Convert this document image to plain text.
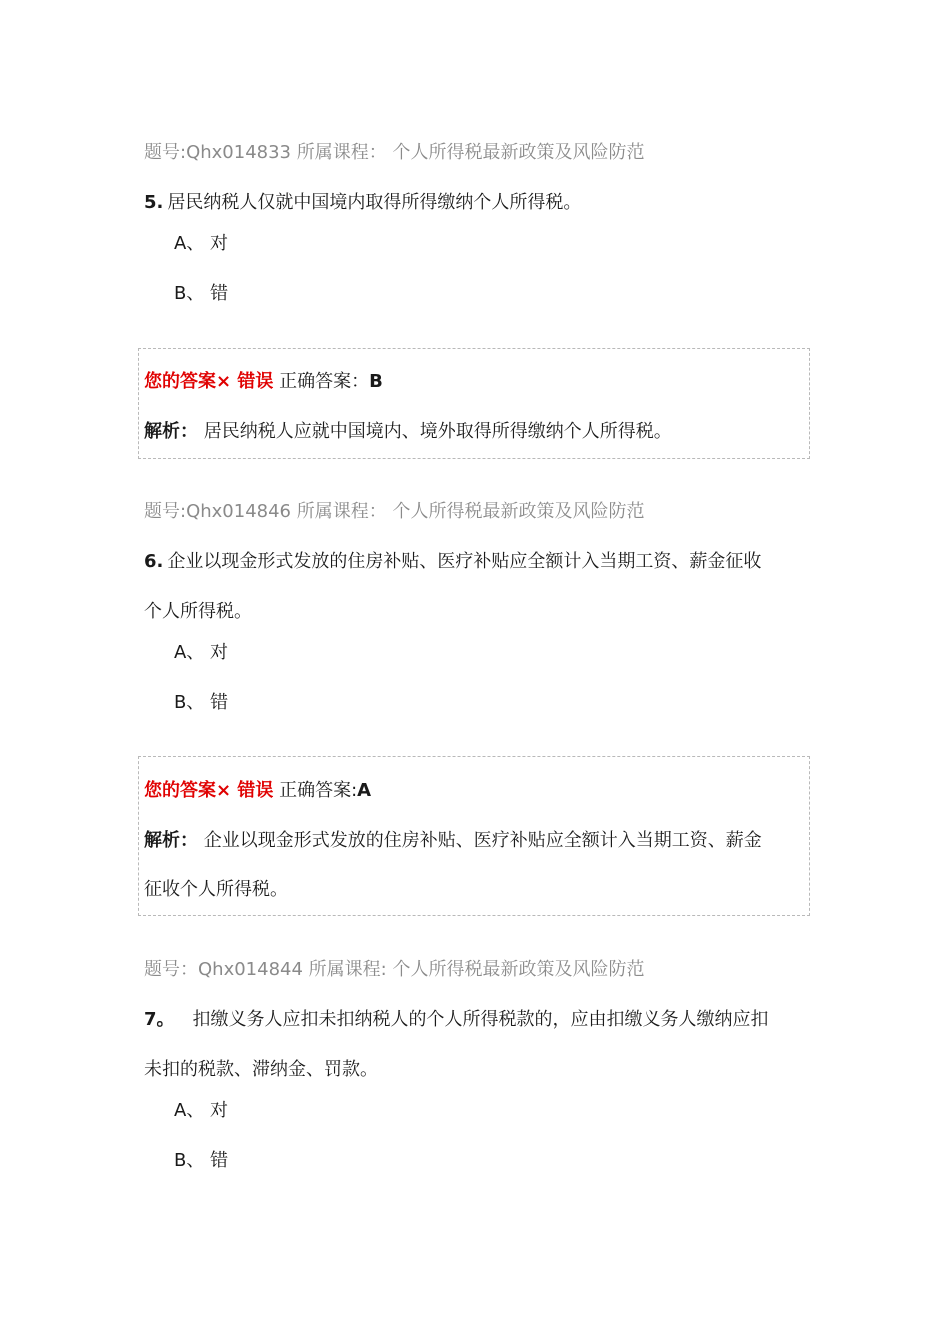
题号:Qhx014833 所属课程： 个人所得税最新政策及风险防范
5. 居民纳税人仅就中国境内取得所得缴纳个人所得税。
A、 对
B、 错
您的答案× 错误 正确答案：B
解析： 居民纳税人应就中国境内、境外取得所得缴纳个人所得税。
题号:Qhx014846 所属课程： 个人所得税最新政策及风险防范
6. 企业以现金形式发放的住房补贴、医疗补贴应全额计入当期工资、薪金征收
个人所得税。
A、 对
B、 错
您的答案× 错误 正确答案:A
解析： 企业以现金形式发放的住房补贴、医疗补贴应全额计入当期工资、薪金
征收个人所得税。
题号：Qhx014844 所属课程: 个人所得税最新政策及风险防范
7。 扣缴义务人应扣未扣纳税人的个人所得税款的，应由扣缴义务人缴纳应扣
未扣的税款、滞纳金、罚款。
A、 对
B、 错
